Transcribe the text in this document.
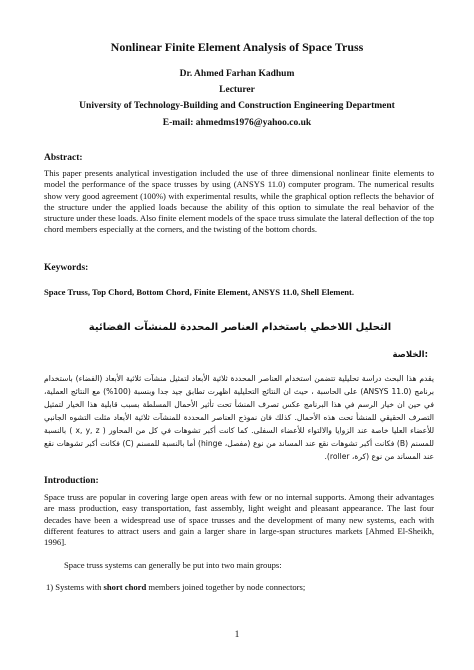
Nonlinear Finite Element Analysis of Space Truss
Dr. Ahmed Farhan Kadhum
Lecturer
University of Technology-Building and Construction Engineering Department
E-mail: ahmedms1976@yahoo.co.uk
Abstract:
This paper presents analytical investigation included the use of three dimensional nonlinear finite elements to model the performance of the space trusses by using (ANSYS 11.0) computer program. The numerical results show very good agreement (100%) with experimental results, while the graphical option reflects the behavior of the structure under the applied loads because the ability of this option to simulate the real behavior of the structure under these loads. Also finite element models of the space truss simulate the lateral deflection of the top chord members especially at the corners, and the twisting of the bottom chords.
Keywords:
Space Truss, Top Chord, Bottom Chord, Finite Element, ANSYS 11.0, Shell Element.
التحليل اللاخطي باستخدام العناصر المحددة للمنشآت الفضائية
الخلاصة:
يقدم هذا البحث دراسة تحليلية تتضمن استخدام العناصر المحددة ثلاثية الأبعاد لتمثيل منشآت ثلاثية الأبعاد (الفضاء) باستخدام برنامج (ANSYS 11.0) على الحاسبة ، حيث ان النتائج التحليلية اظهرت تطابق جيد جدا وبنسبة (100%) مع النتائج العملية، في حين ان خيار الرسم في هذا البرنامج عكس تصرف المنشأ تحت تأثير الأحمال المسلطة بسبب قابلية هذا الخيار لتمثيل التصرف الحقيقي للمنشأ تحت هذه الأحمال. كذلك فان نموذج العناصر المحددة للمنشآت ثلاثية الأبعاد مثلت التشوه الجانبي للأعضاء العليا خاصة عند الزوايا والالتواء للأعضاء السفلى. كما كانت أكبر تشوهات في كل من المحاور ( x, y, z ) بالنسبة للمسنم (B) فكانت أكبر تشوهات نقع عند المساند من نوع (مفصل، hinge) أما بالنسبة للمسنم (C) فكانت أكبر تشوهات نقع عند المساند من نوع (كرة، roller).
Introduction:
Space truss are popular in covering large open areas with few or no internal supports. Among their advantages are mass production, easy transportation, fast assembly, light weight and pleasant appearance. The last four decades have been a widespread use of space trusses and the development of many new systems, each with different features to attract users and gain a larger share in large-span structures markets [Ahmed El-Sheikh, 1996].
Space truss systems can generally be put into two main groups:
1) Systems with short chord members joined together by node connectors;
1
